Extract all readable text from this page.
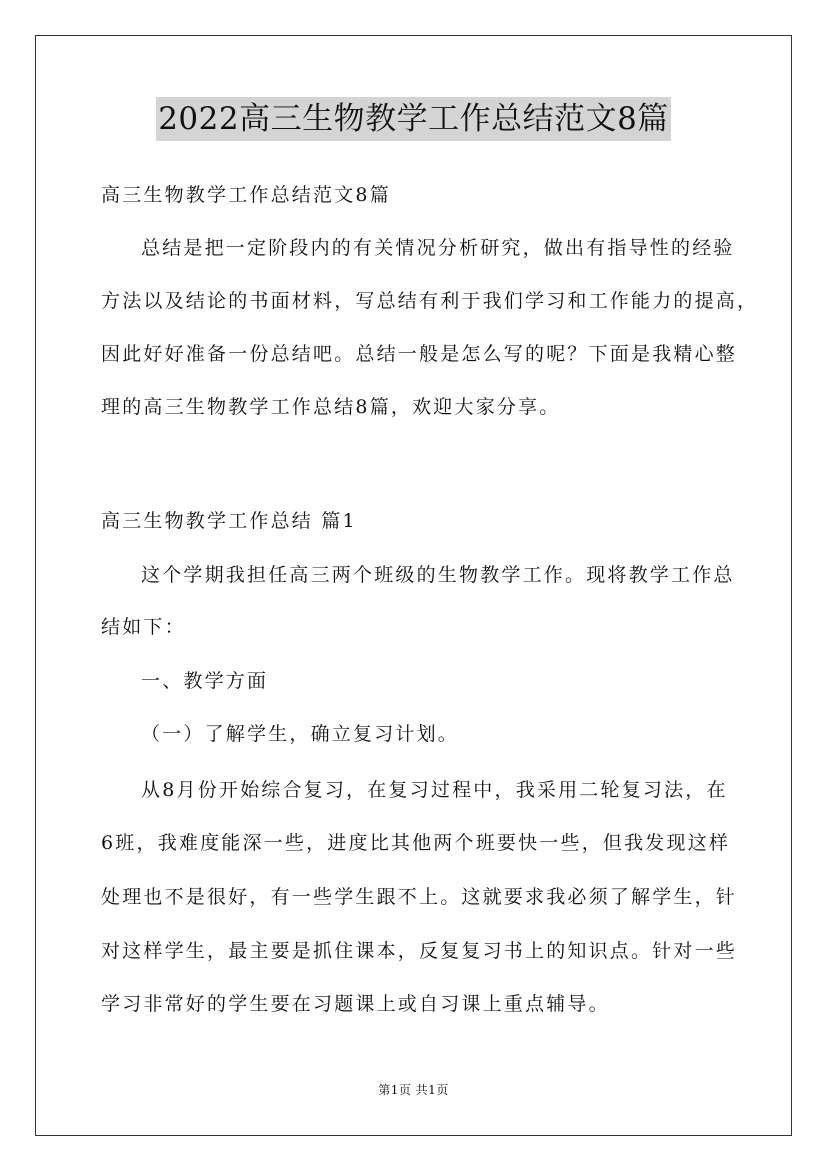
2022高三生物教学工作总结范文8篇
高三生物教学工作总结范文8篇
总结是把一定阶段内的有关情况分析研究，做出有指导性的经验
方法以及结论的书面材料，写总结有利于我们学习和工作能力的提高，
因此好好准备一份总结吧。总结一般是怎么写的呢？下面是我精心整
理的高三生物教学工作总结8篇，欢迎大家分享。
高三生物教学工作总结 篇1
这个学期我担任高三两个班级的生物教学工作。现将教学工作总
结如下：
一、教学方面
（一）了解学生，确立复习计划。
从8月份开始综合复习，在复习过程中，我采用二轮复习法，在
6班，我难度能深一些，进度比其他两个班要快一些，但我发现这样
处理也不是很好，有一些学生跟不上。这就要求我必须了解学生，针
对这样学生，最主要是抓住课本，反复复习书上的知识点。针对一些
学习非常好的学生要在习题课上或自习课上重点辅导。
第1页 共1页
